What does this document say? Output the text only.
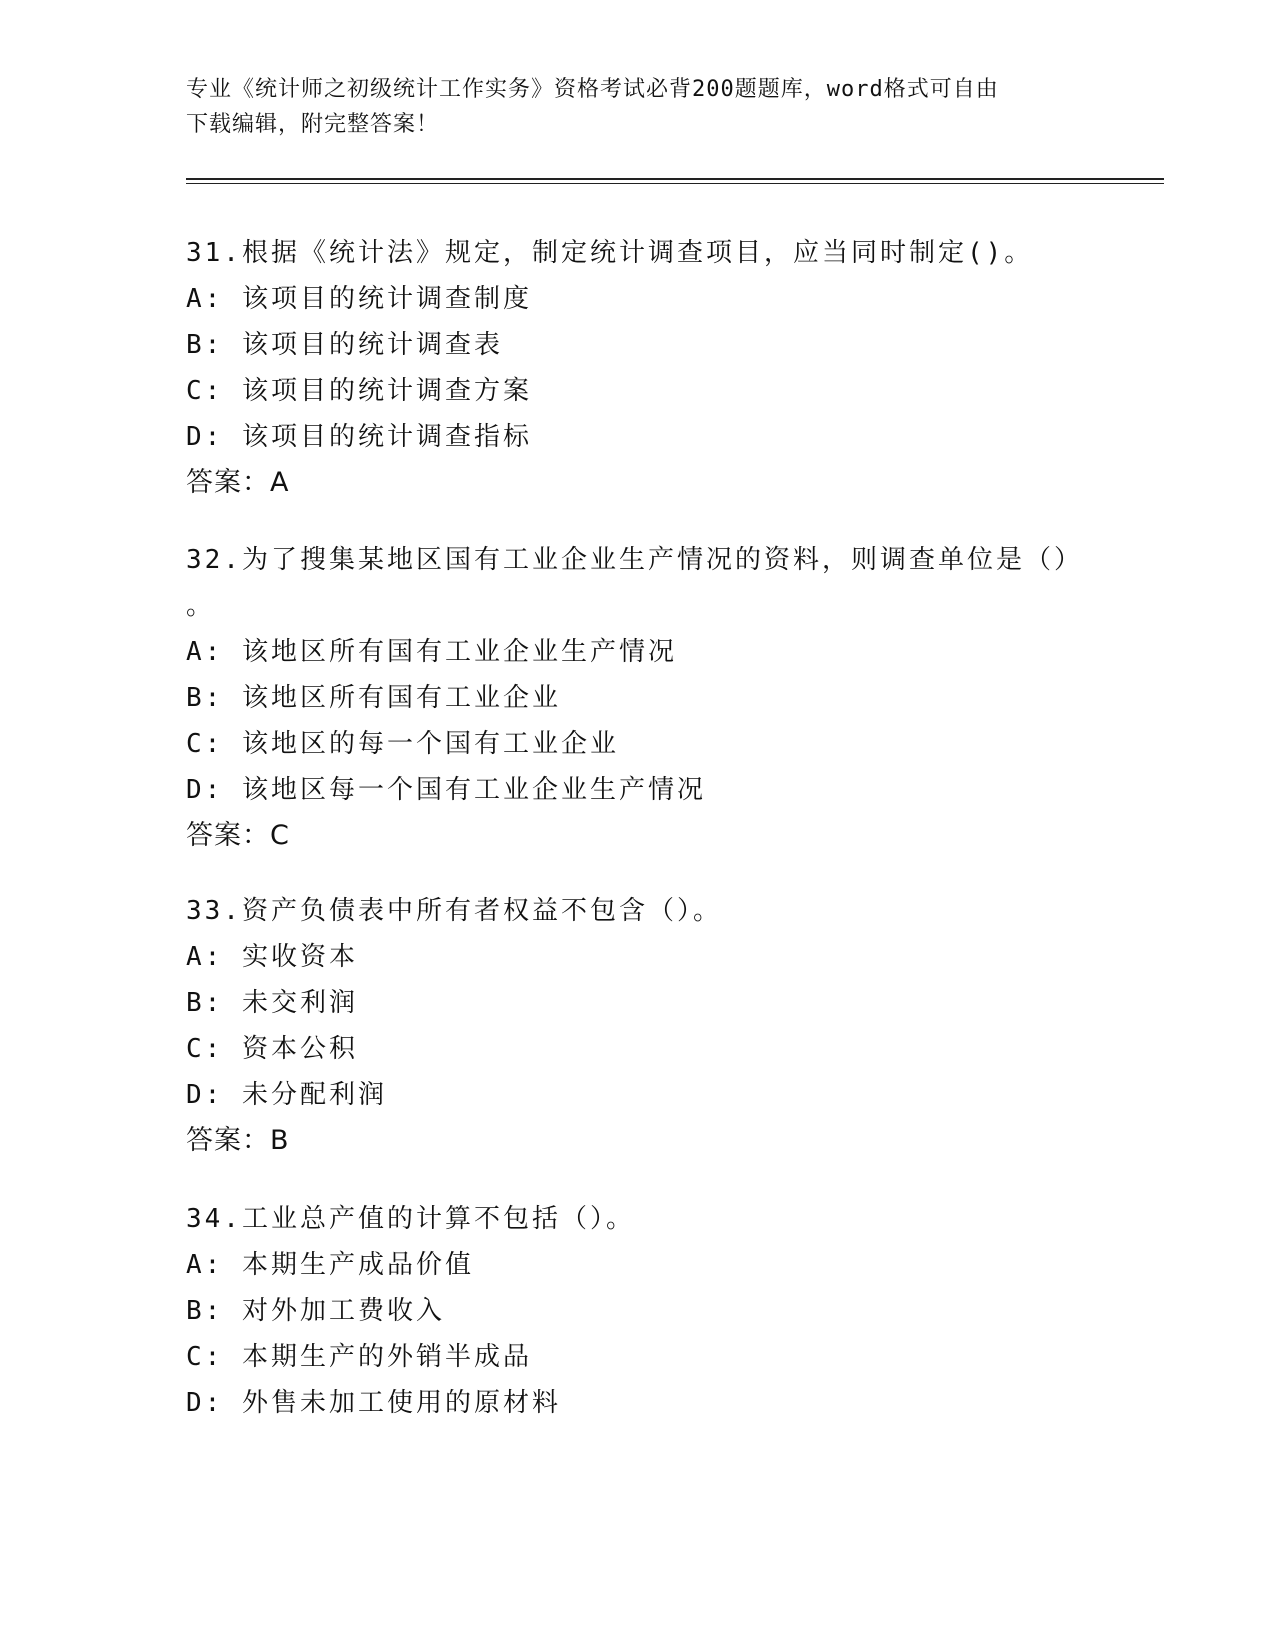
专业《统计师之初级统计工作实务》资格考试必背200题题库，word格式可自由
下载编辑，附完整答案！
31.根据《统计法》规定，制定统计调查项目，应当同时制定()。
A: 该项目的统计调查制度
B: 该项目的统计调查表
C: 该项目的统计调查方案
D: 该项目的统计调查指标
答案：A
32.为了搜集某地区国有工业企业生产情况的资料，则调查单位是（）
。
A: 该地区所有国有工业企业生产情况
B: 该地区所有国有工业企业
C: 该地区的每一个国有工业企业
D: 该地区每一个国有工业企业生产情况
答案：C
33.资产负债表中所有者权益不包含（）。
A: 实收资本
B: 未交利润
C: 资本公积
D: 未分配利润
答案：B
34.工业总产值的计算不包括（）。
A: 本期生产成品价值
B: 对外加工费收入
C: 本期生产的外销半成品
D: 外售未加工使用的原材料
